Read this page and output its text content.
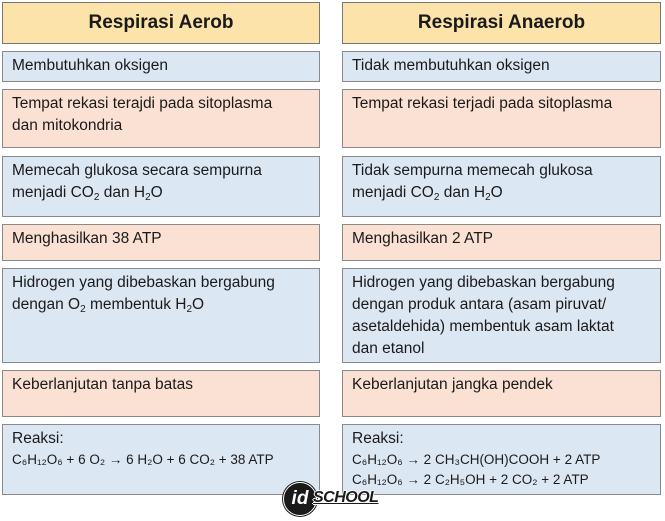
Respirasi Aerob
Membutuhkan oksigen
Tempat rekasi terajdi pada sitoplasma
dan mitokondria
Memecah glukosa secara sempurna
menjadi CO2 dan H2O
Menghasilkan 38 ATP
Hidrogen yang dibebaskan bergabung
dengan O2 membentuk H2O
Keberlanjutan tanpa batas
Reaksi:
C₆H₁₂O₆ + 6 O₂ → 6 H₂O + 6 CO₂ + 38 ATP
Respirasi Anaerob
Tidak membutuhkan oksigen
Tempat rekasi terjadi pada sitoplasma
Tidak sempurna memecah glukosa
menjadi CO2 dan H2O
Menghasilkan 2 ATP
Hidrogen yang dibebaskan bergabung
dengan produk antara (asam piruvat/
asetaldehida) membentuk asam laktat
dan etanol
Keberlanjutan jangka pendek
Reaksi:
C₆H₁₂O₆ → 2 CH₃CH(OH)COOH + 2 ATP
C₆H₁₂O₆ → 2 C₂H₅OH + 2 CO₂ + 2 ATP
id SCHOOL
